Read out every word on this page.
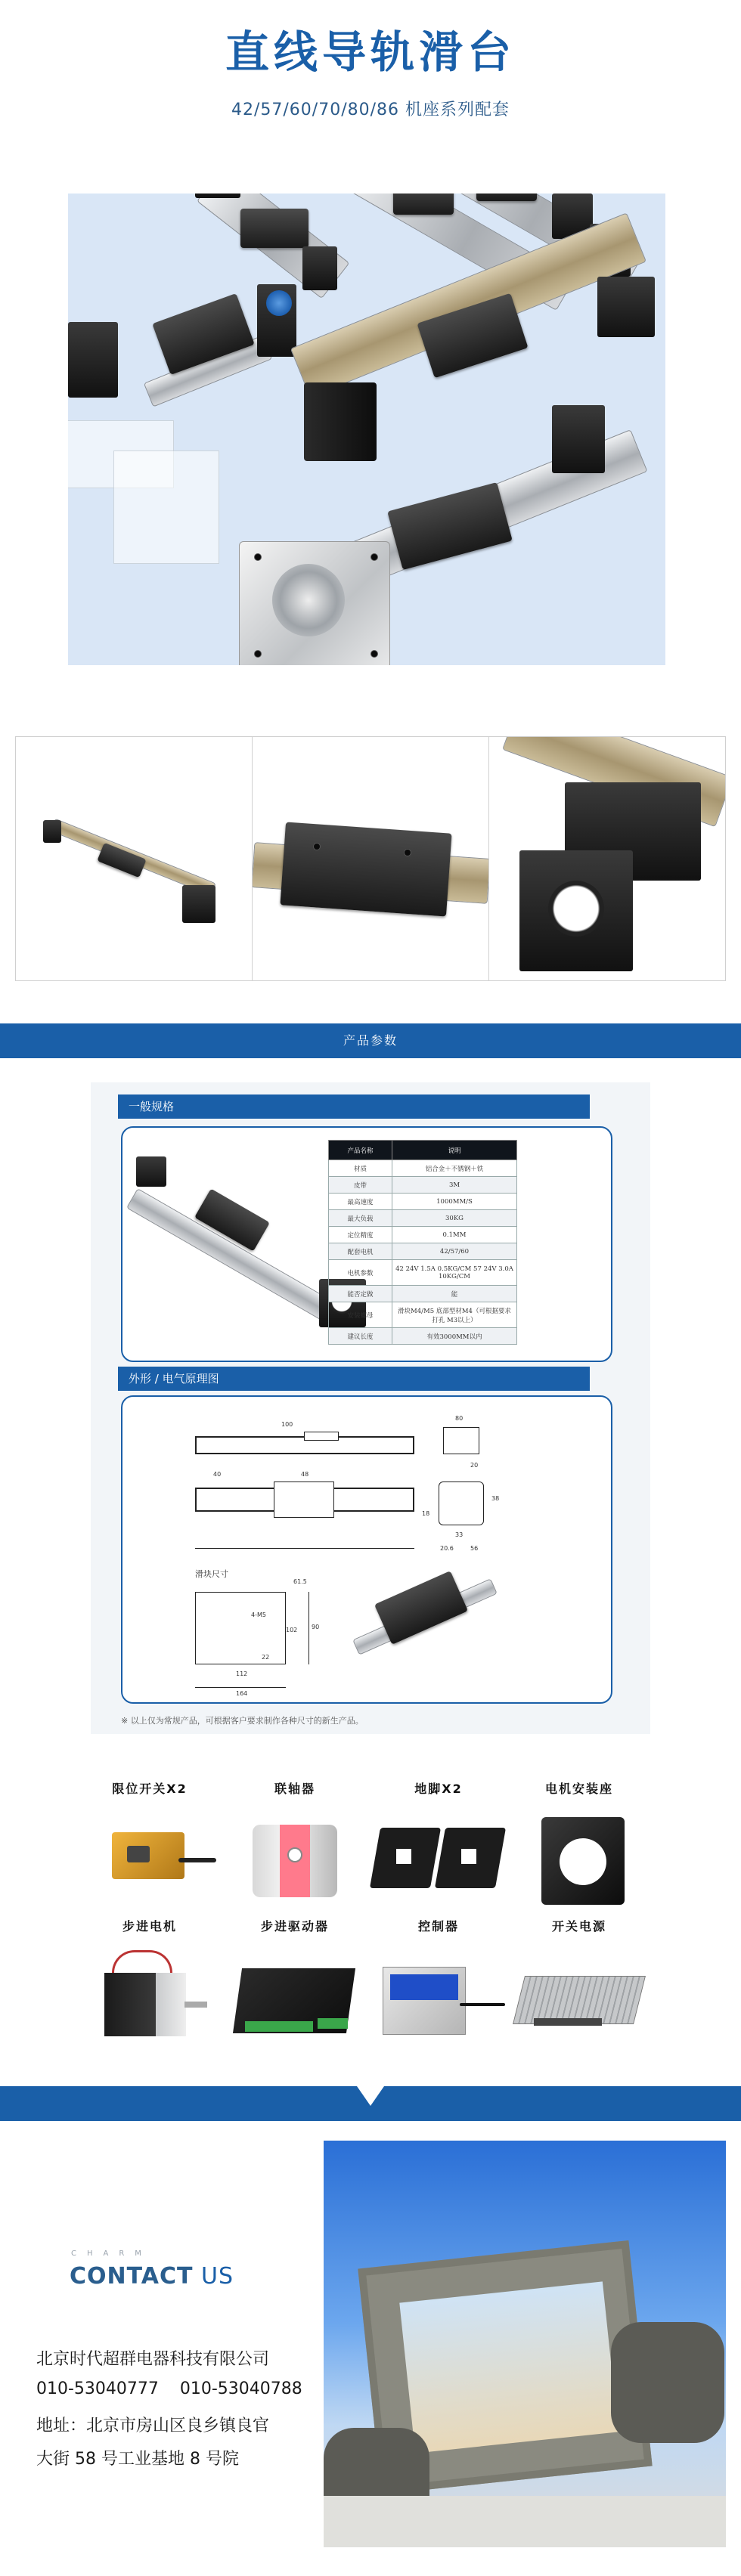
直线导轨滑台
42/57/60/70/80/86 机座系列配套
产品参数
一般规格
产品名称	说明
材质	铝合金＋不锈钢＋铁
皮带	3M
最高速度	1000MM/S
最大负载	30KG
定位精度	0.1MM
配套电机	42/57/60
电机参数	42 24V 1.5A 0.5KG/CM 57 24V 3.0A 10KG/CM
能否定做	能
安装螺母	滑块M4/M5 底部型材M4（可根据要求打孔 M3以上）
建议长度	有效3000MM以内
外形 / 电气原理图
滑块尺寸
100
80
48
40
20
38
33
18
20.6	56
61.5
90
164
112
22
4-M5
102
※ 以上仅为常规产品，可根据客户要求制作各种尺寸的新生产品。
限位开关X2	联轴器	地脚X2	电机安装座
步进电机	步进驱动器	控制器	开关电源
CHARM
CONTACT US
北京时代超群电器科技有限公司
010-53040777    010-53040788
地址：北京市房山区良乡镇良官
大街 58 号工业基地 8 号院
